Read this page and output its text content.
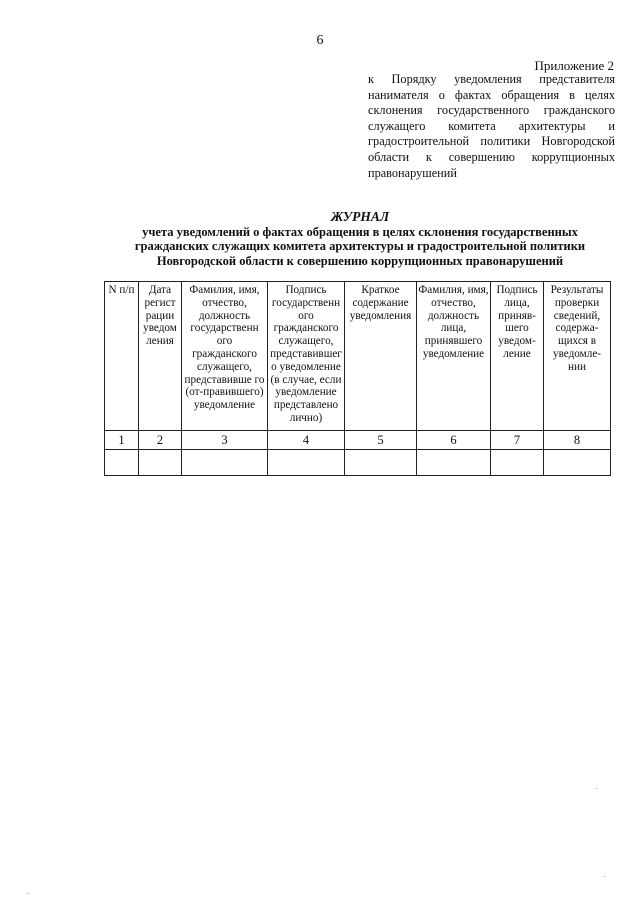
6
Приложение 2
к Порядку уведомления представителя нанимателя о фактах обращения в целях склонения государственного гражданского служащего комитета архитектуры и градостроительной политики Новгородской области к совершению коррупционных правонарушений
ЖУРНАЛ
учета уведомлений о фактах обращения в целях склонения государственных
гражданских служащих комитета архитектуры и градостроительной политики
Новгородской области к совершению коррупционных правонарушений
N п/п	Дата регист рации уведом ления	Фамилия, имя, отчество, должность государственн ого гражданского служащего, представивше го (от-правившего) уведомление	Подпись государственн ого гражданского служащего, представившег о уведомление (в случае, если уведомление представлено лично)	Краткое содержание уведомления	Фамилия, имя, отчество, должность лица, принявшего уведомление	Подпись лица, приняв-шего уведом-ление	Результаты проверки сведений, содержа-щихся в уведомле-нии
1	2	3	4	5	6	7	8
